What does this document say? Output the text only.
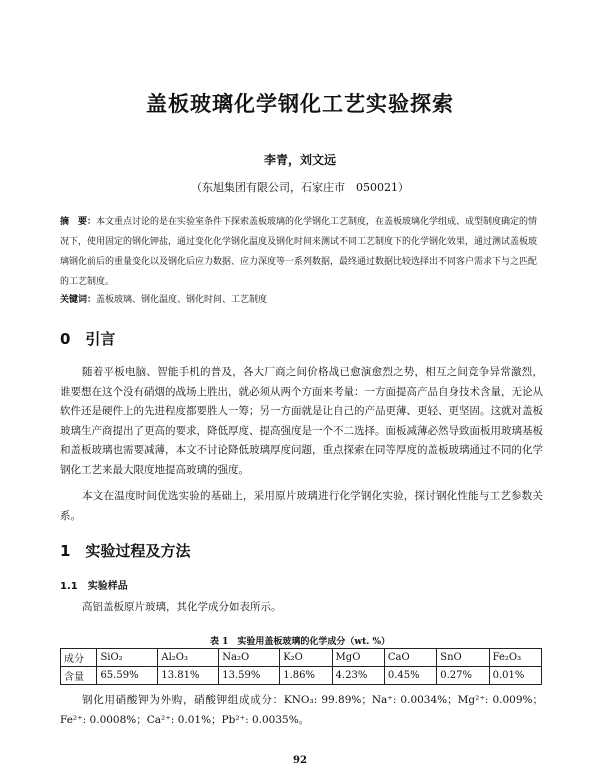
盖板玻璃化学钢化工艺实验探索
李青，刘文远
（东旭集团有限公司，石家庄市　050021）
摘　要：本文重点讨论的是在实验室条件下探索盖板玻璃的化学钢化工艺制度，在盖板玻璃化学组成、成型制度确定的情况下，使用固定的钢化钾盐，通过变化化学钢化温度及钢化时间来测试不同工艺制度下的化学钢化效果，通过测试盖板玻璃钢化前后的重量变化以及钢化后应力数据、应力深度等一系列数据，最终通过数据比较选择出不同客户需求下与之匹配的工艺制度。
关键词：盖板玻璃、钢化温度、钢化时间、工艺制度
0　引言
随着平板电脑、智能手机的普及，各大厂商之间价格战已愈演愈烈之势，相互之间竞争异常激烈，谁要想在这个没有硝烟的战场上胜出，就必须从两个方面来考量：一方面提高产品自身技术含量，无论从软件还是硬件上的先进程度都要胜人一筹；另一方面就是让自己的产品更薄、更轻、更坚固。这就对盖板玻璃生产商提出了更高的要求，降低厚度、提高强度是一个不二选择。面板减薄必然导致面板用玻璃基板和盖板玻璃也需要减薄，本文不讨论降低玻璃厚度问题，重点探索在同等厚度的盖板玻璃通过不同的化学钢化工艺来最大限度地提高玻璃的强度。
本文在温度时间优选实验的基础上，采用原片玻璃进行化学钢化实验，探讨钢化性能与工艺参数关系。
1　实验过程及方法
1.1　实验样品
高铝盖板原片玻璃，其化学成分如表所示。
表 1　实验用盖板玻璃的化学成分（wt. %）
成分	SiO₂	Al₂O₃	Na₂O	K₂O	MgO	CaO	SnO	Fe₂O₃
含量	65.59%	13.81%	13.59%	1.86%	4.23%	0.45%	0.27%	0.01%
钢化用硝酸钾为外购，硝酸钾组成成分：KNO₃: 99.89%；Na⁺: 0.0034%；Mg²⁺: 0.009%；Fe²⁺: 0.0008%；Ca²⁺: 0.01%；Pb²⁺: 0.0035%。
92
